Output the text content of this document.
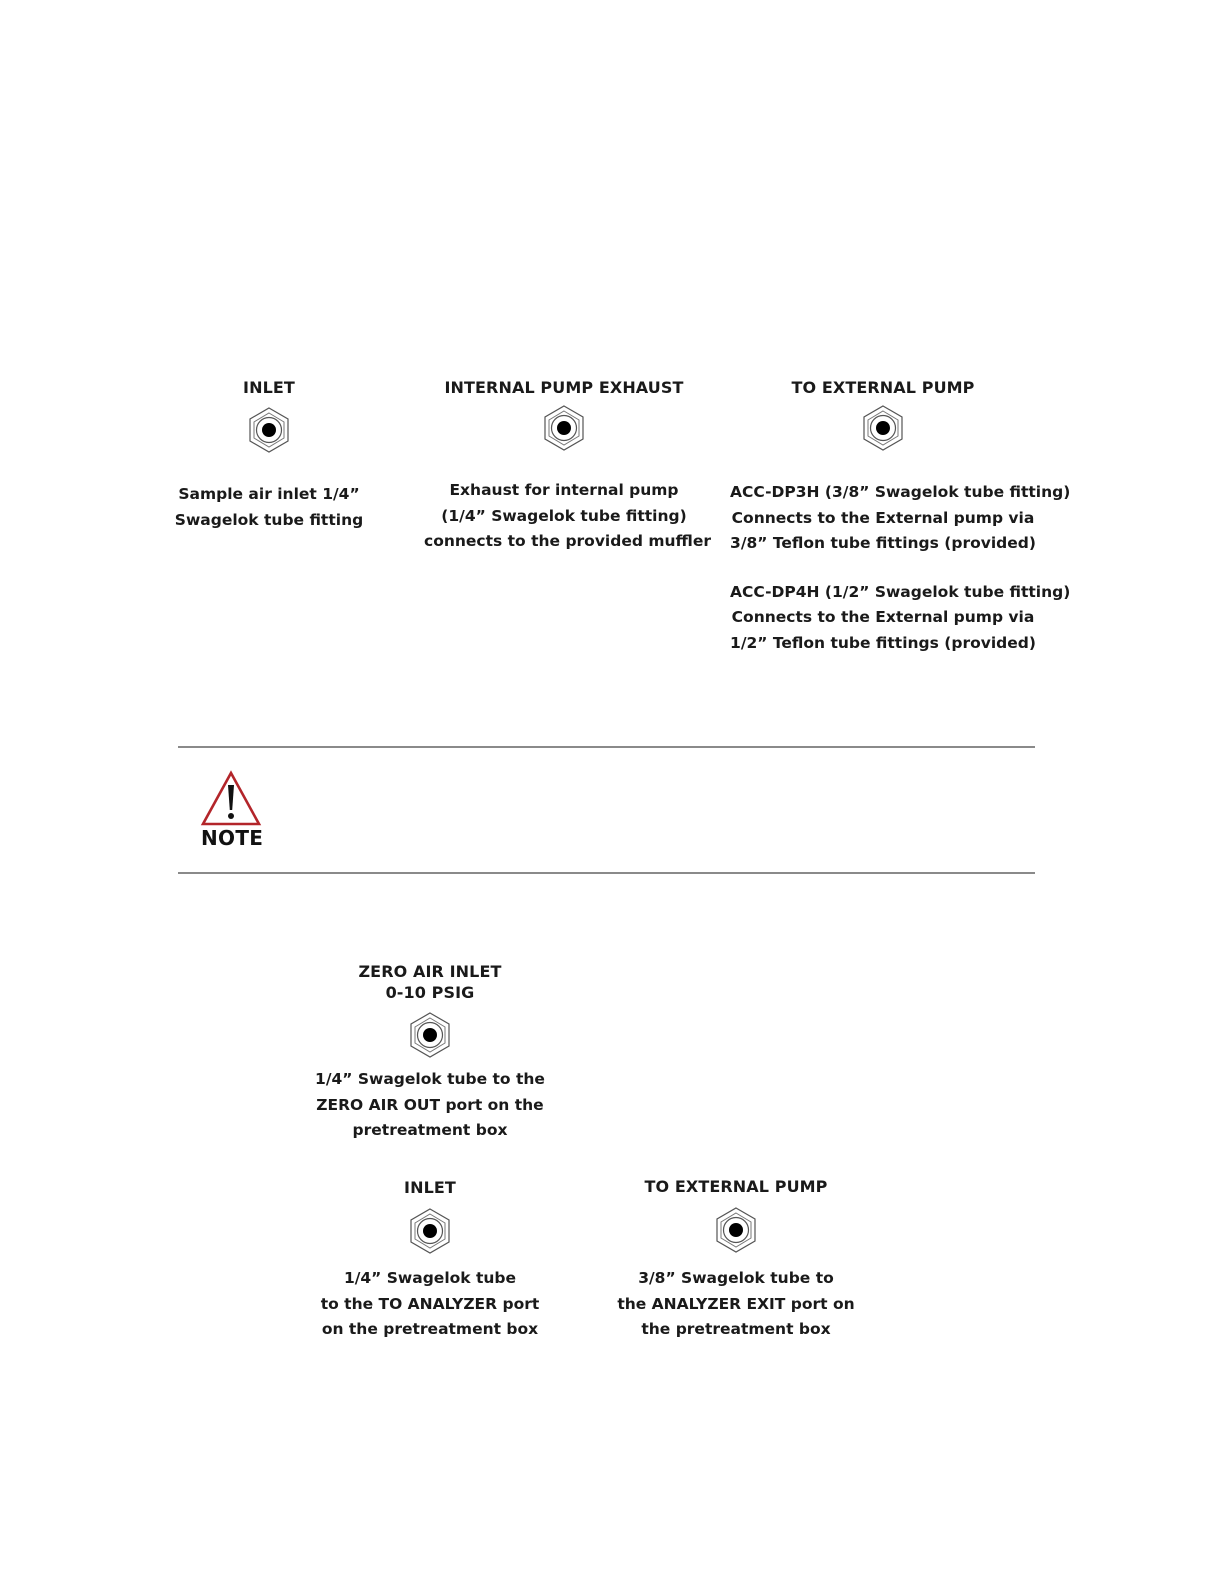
INLET
Sample air inlet 1/4”
Swagelok tube fitting
INTERNAL PUMP EXHAUST
Exhaust for internal pump
(1/4” Swagelok tube fitting)
connects to the provided muffler
TO EXTERNAL PUMP
ACC-DP3H (3/8” Swagelok tube fitting)
Connects to the External pump via
3/8” Teflon tube fittings (provided)
ACC-DP4H (1/2” Swagelok tube fitting)
Connects to the External pump via
1/2” Teflon tube fittings (provided)
NOTE
ZERO AIR INLET
0-10 PSIG
1/4” Swagelok tube to the
ZERO AIR OUT port on the
pretreatment box
INLET
1/4” Swagelok tube
to the TO ANALYZER port
on the pretreatment box
TO EXTERNAL PUMP
3/8” Swagelok tube to
the ANALYZER EXIT port on
the pretreatment box
